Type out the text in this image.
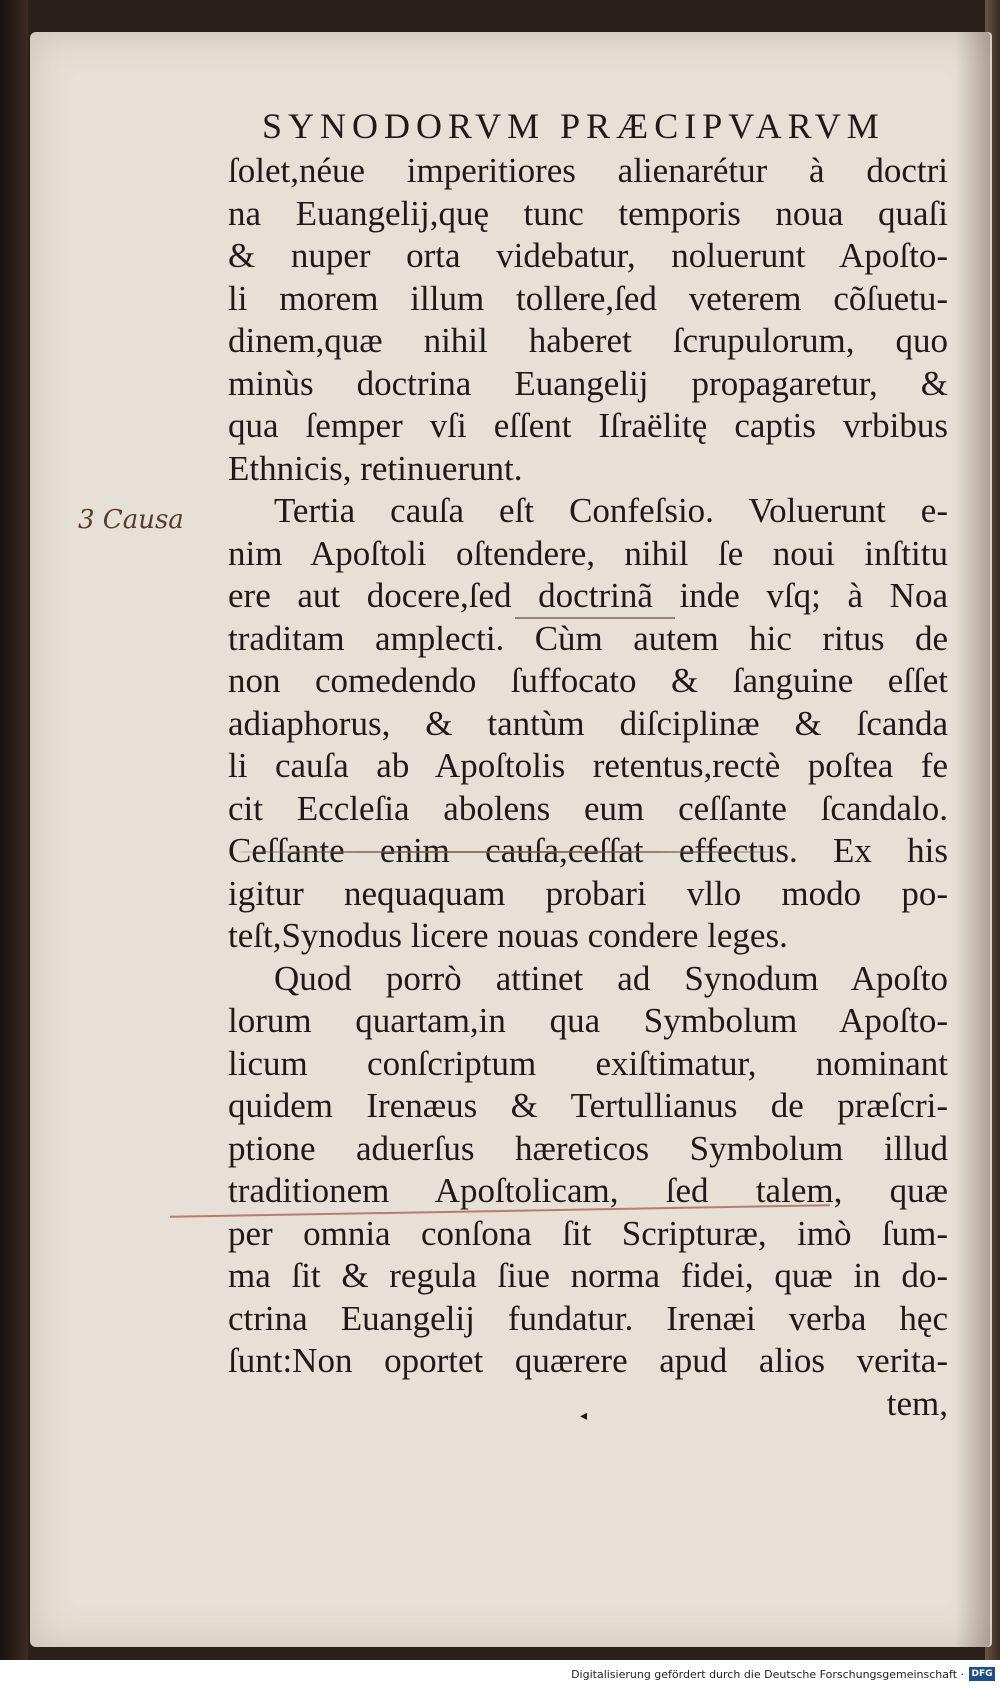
SYNODORVM PRÆCIPVARVM
3 Causa
ſolet,néue imperitiores alienarétur à doctri
na Euangelij,quę tunc temporis noua quaſi
& nuper orta videbatur, noluerunt Apoſto-
li morem illum tollere,ſed veterem cõſuetu-
dinem,quæ nihil haberet ſcrupulorum, quo
minùs doctrina Euangelij propagaretur, &
qua ſemper vſi eſſent Iſraëlitę captis vrbibus
Ethnicis, retinuerunt.
Tertia cauſa eſt Confeſsio. Voluerunt e-
nim Apoſtoli oſtendere, nihil ſe noui inſtitu
ere aut docere,ſed doctrinã inde vſq; à Noa
traditam amplecti. Cùm autem hic ritus de
non comedendo ſuffocato & ſanguine eſſet
adiaphorus, & tantùm diſciplinæ & ſcanda
li cauſa ab Apoſtolis retentus,rectè poſtea fe
cit Eccleſia abolens eum ceſſante ſcandalo.
Ceſſante enim cauſa,ceſſat effectus. Ex his
igitur nequaquam probari vllo modo po-
teſt,Synodus licere nouas condere leges.
Quod porrò attinet ad Synodum Apoſto
lorum quartam,in qua Symbolum Apoſto-
licum conſcriptum exiſtimatur, nominant
quidem Irenæus & Tertullianus de præſcri-
ptione aduerſus hæreticos Symbolum illud
traditionem Apoſtolicam, ſed talem, quæ
per omnia conſona ſit Scripturæ, imò ſum-
ma ſit & regula ſiue norma fidei, quæ in do-
ctrina Euangelij fundatur. Irenæi verba hęc
ſunt:Non oportet quærere apud alios verita-
tem,
◂
Digitalisierung gefördert durch die Deutsche Forschungsgemeinschaft · DFG
